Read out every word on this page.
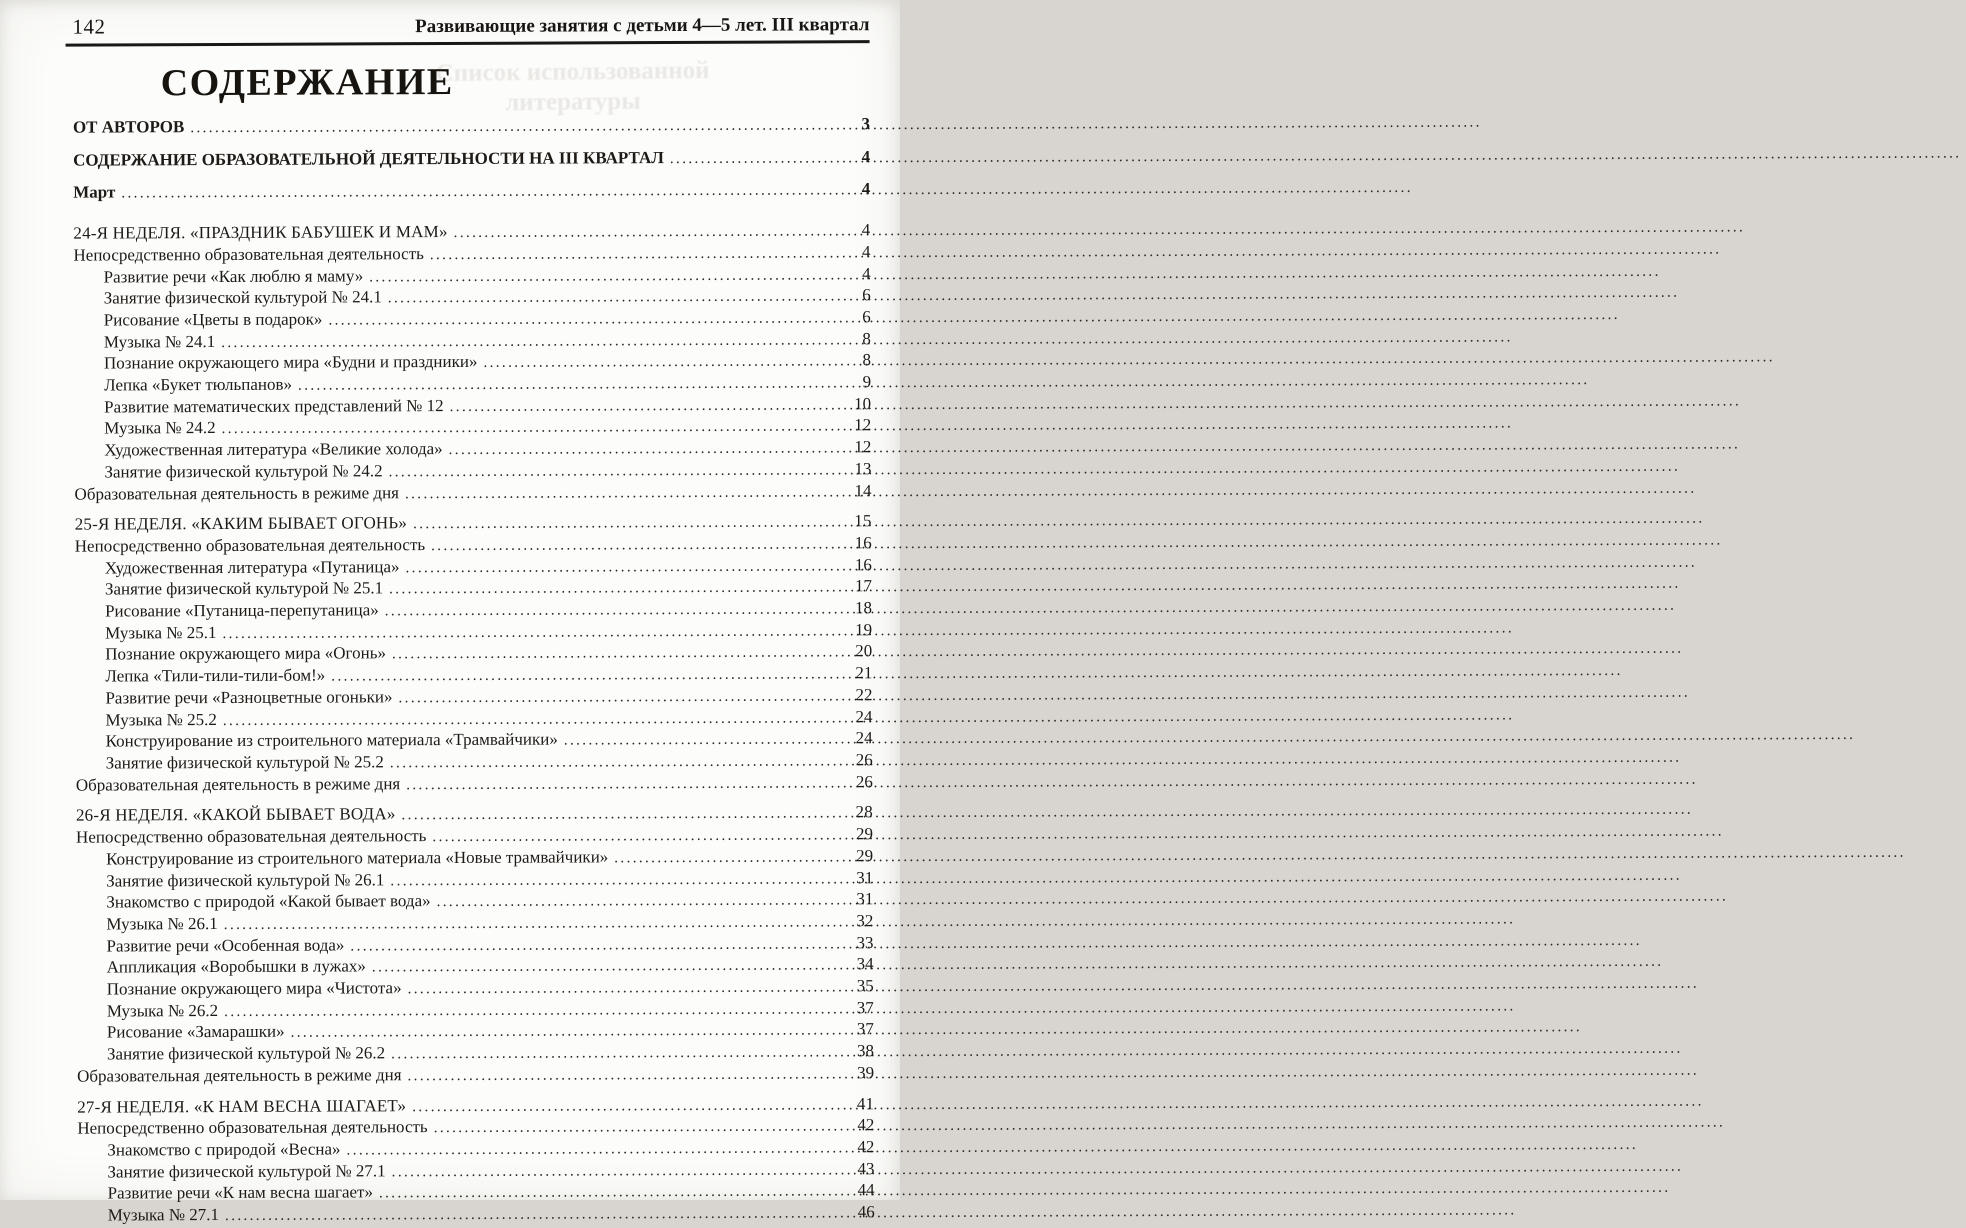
142	Развивающие занятия с детьми 4—5 лет. III квартал
Список использованной
литературы
СОДЕРЖАНИЕ
ОТ АВТОРОВ .....	3
СОДЕРЖАНИЕ ОБРАЗОВАТЕЛЬНОЙ ДЕЯТЕЛЬНОСТИ НА III КВАРТАЛ .....	4
Март .....	4
24-Я НЕДЕЛЯ. «ПРАЗДНИК БАБУШЕК И МАМ» .....	4
Непосредственно образовательная деятельность .....	4
Развитие речи «Как люблю я маму» .....	4
Занятие физической культурой № 24.1 .....	6
Рисование «Цветы в подарок» .....	6
Музыка № 24.1 .....	8
Познание окружающего мира «Будни и праздники» .....	8
Лепка «Букет тюльпанов» .....	9
Развитие математических представлений № 12 .....	10
Музыка № 24.2 .....	12
Художественная литература «Великие холода» .....	12
Занятие физической культурой № 24.2 .....	13
Образовательная деятельность в режиме дня .....	14
25-Я НЕДЕЛЯ. «КАКИМ БЫВАЕТ ОГОНЬ» .....	15
Непосредственно образовательная деятельность .....	16
Художественная литература «Путаница» .....	16
Занятие физической культурой № 25.1 .....	17
Рисование «Путаница-перепутаница» .....	18
Музыка № 25.1 .....	19
Познание окружающего мира «Огонь» .....	20
Лепка «Тили-тили-тили-бом!» .....	21
Развитие речи «Разноцветные огоньки» .....	22
Музыка № 25.2 .....	24
Конструирование из строительного материала «Трамвайчики» .....	24
Занятие физической культурой № 25.2 .....	26
Образовательная деятельность в режиме дня .....	26
26-Я НЕДЕЛЯ. «КАКОЙ БЫВАЕТ ВОДА» .....	28
Непосредственно образовательная деятельность .....	29
Конструирование из строительного материала «Новые трамвайчики» .....	29
Занятие физической культурой № 26.1 .....	31
Знакомство с природой «Какой бывает вода» .....	31
Музыка № 26.1 .....	32
Развитие речи «Особенная вода» .....	33
Аппликация «Воробышки в лужах» .....	34
Познание окружающего мира «Чистота» .....	35
Музыка № 26.2 .....	37
Рисование «Замарашки» .....	37
Занятие физической культурой № 26.2 .....	38
Образовательная деятельность в режиме дня .....	39
27-Я НЕДЕЛЯ. «К НАМ ВЕСНА ШАГАЕТ» .....	41
Непосредственно образовательная деятельность .....	42
Знакомство с природой «Весна» .....	42
Занятие физической культурой № 27.1 .....	43
Развитие речи «К нам весна шагает» .....	44
Музыка № 27.1 .....	46
